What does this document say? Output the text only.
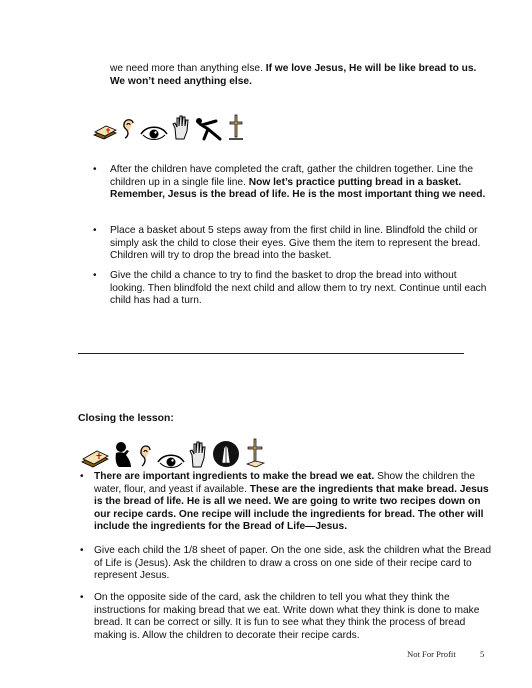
we need more than anything else. If we love Jesus, He will be like bread to us. We won’t need anything else.

• After the children have completed the craft, gather the children together. Line the children up in a single file line. Now let’s practice putting bread in a basket. Remember, Jesus is the bread of life. He is the most important thing we need.

• Place a basket about 5 steps away from the first child in line. Blindfold the child or simply ask the child to close their eyes. Give them the item to represent the bread. Children will try to drop the bread into the basket.

• Give the child a chance to try to find the basket to drop the bread into without looking. Then blindfold the next child and allow them to try next. Continue until each child has had a turn.

Closing the lesson:
• There are important ingredients to make the bread we eat. Show the children the water, flour, and yeast if available. These are the ingredients that make bread. Jesus is the bread of life. He is all we need. We are going to write two recipes down on our recipe cards. One recipe will include the ingredients for bread. The other will include the ingredients for the Bread of Life—Jesus.

• Give each child the 1/8 sheet of paper. On the one side, ask the children what the Bread of Life is (Jesus). Ask the children to draw a cross on one side of their recipe card to represent Jesus.

• On the opposite side of the card, ask the children to tell you what they think the instructions for making bread that we eat. Write down what they think is done to make bread. It can be correct or silly. It is fun to see what they think the process of bread making is. Allow the children to decorate their recipe cards.

Not For Profit	5
